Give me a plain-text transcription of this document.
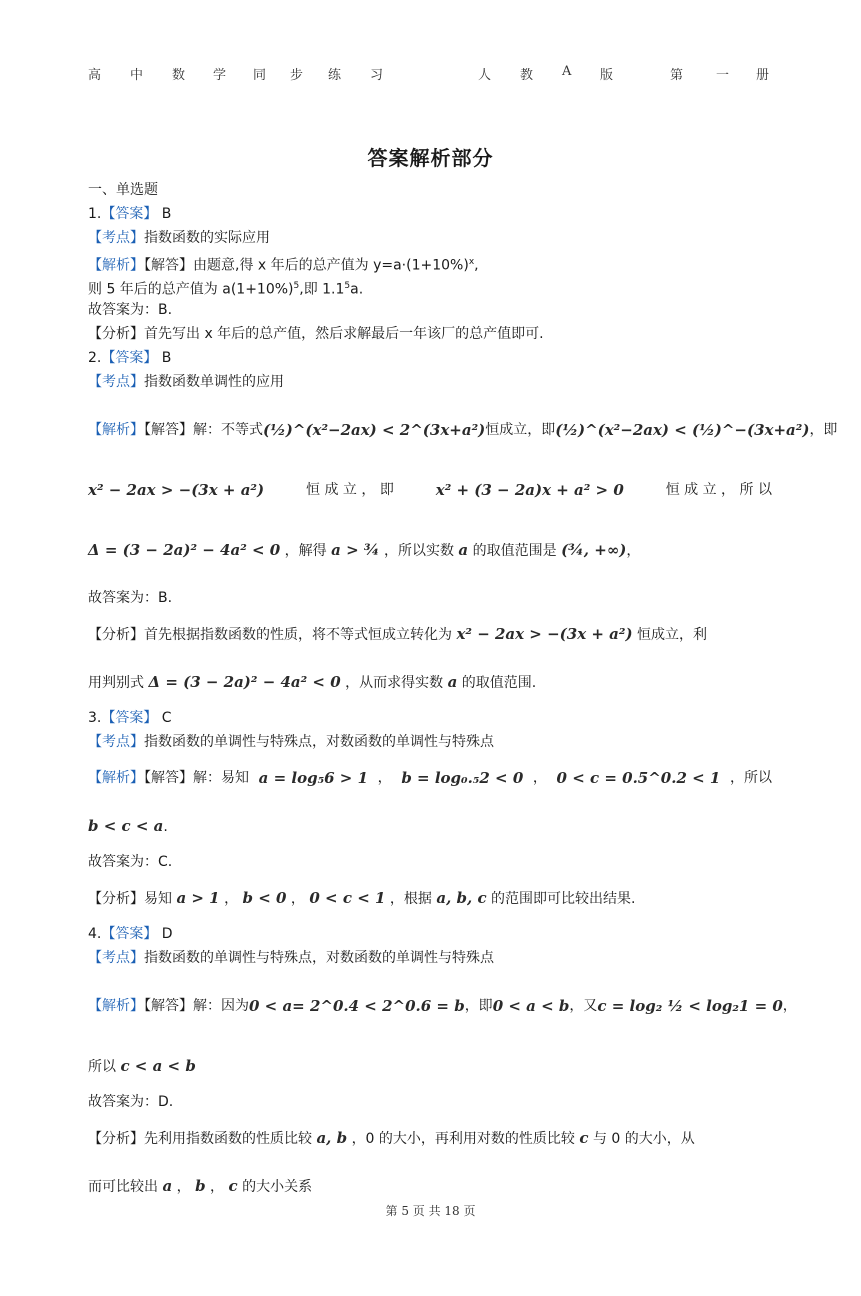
高 中 数 学 同 步 练 习	人 教 A 版	第	一 册
答案解析部分
一、单选题
1.【答案】 B
【考点】指数函数的实际应用
【解析】【解答】由题意,得 x 年后的总产值为 $y=a\cdot(1+10\%)^x$,
则 5 年后的总产值为 $a(1+10\%)^5$,即 $1.1^5a$.
故答案为：B.
【分析】首先写出 x 年后的总产值，然后求解最后一年该厂的总产值即可.
2.【答案】 B
【考点】指数函数单调性的应用
【解析】【解答】解：不等式 (½)^(x²−2ax) < 2^(3x+a²) 恒成立，即 (½)^(x²−2ax) < (½)^−(3x+a²) ，即
x² − 2ax > −(3x + a²)	恒 成 立 ， 即	x² + (3 − 2a)x + a² > 0	恒 成 立 ， 所 以
Δ = (3 − 2a)² − 4a² < 0 ，解得 a > ¾ ，所以实数 a 的取值范围是 (¾, +∞)，
故答案为：B.
【分析】首先根据指数函数的性质，将不等式恒成立转化为 x² − 2ax > −(3x + a²) 恒成立，利
用判别式 Δ = (3 − 2a)² − 4a² < 0 ，从而求得实数 a 的取值范围.
3.【答案】 C
【考点】指数函数的单调性与特殊点，对数函数的单调性与特殊点
【解析】【解答】解：易知 a = log₅6 > 1 ， b = log₀.₅2 < 0 ， 0 < c = 0.5^0.2 < 1 ，所以
b < c < a.
故答案为：C.
【分析】易知 a > 1 ， b < 0 ， 0 < c < 1 ，根据 a, b, c 的范围即可比较出结果.
4.【答案】 D
【考点】指数函数的单调性与特殊点，对数函数的单调性与特殊点
【解析】【解答】解：因为 0 < a= 2^0.4 < 2^0.6 = b ，即 0 < a < b ，又 c = log₂ ½ < log₂1 = 0 ，
所以 c < a < b
故答案为：D.
【分析】先利用指数函数的性质比较 a, b ，0 的大小，再利用对数的性质比较 c 与 0 的大小，从
而可比较出 a ， b ， c 的大小关系
第 5 页 共 18 页
